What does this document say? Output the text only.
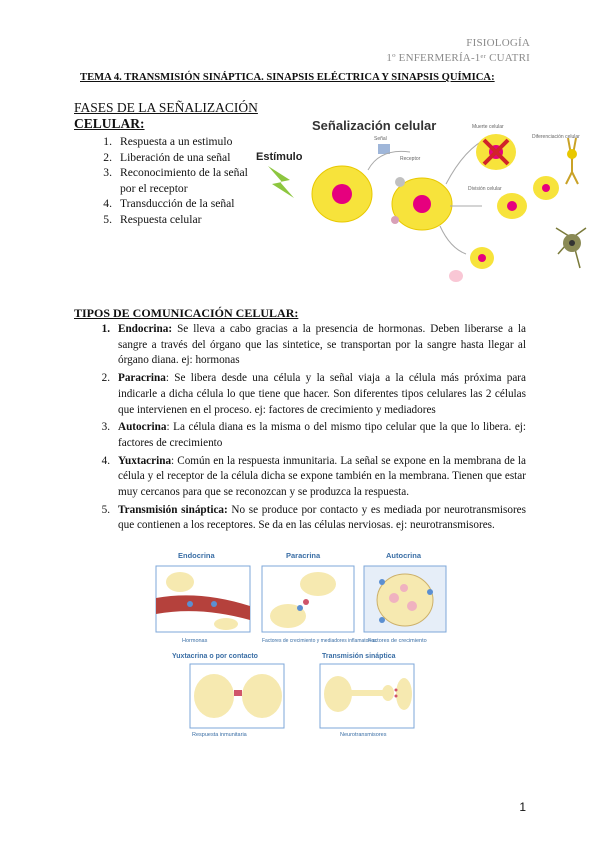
FISIOLOGÍA
1º ENFERMERÍA-1ᵉʳ CUATRI
TEMA 4. TRANSMISIÓN SINÁPTICA. SINAPSIS ELÉCTRICA Y SINAPSIS QUÍMICA:
FASES DE LA SEÑALIZACIÓN
CELULAR:
1. Respuesta a un estimulo
2. Liberación de una señal
3. Reconocimiento de la señal por el receptor
4. Transducción de la señal
5. Respuesta celular
Señalización celular
Estímulo
Señal
Receptor
Muerte celular
División celular
Diferenciación celular
TIPOS DE COMUNICACIÓN CELULAR:
1. Endocrina: Se lleva a cabo gracias a la presencia de hormonas. Deben liberarse a la sangre a través del órgano que las sintetice, se transportan por la sangre hasta llegar al órgano diana. ej: hormonas
2. Paracrina: Se libera desde una célula y la señal viaja a la célula más próxima para indicarle a dicha célula lo que tiene que hacer. Son diferentes tipos celulares las 2 células que intervienen en el proceso. ej: factores de crecimiento y mediadores
3. Autocrina: La célula diana es la misma o del mismo tipo celular que la que lo libera. ej: factores de crecimiento
4. Yuxtacrina: Común en la respuesta inmunitaria. La señal se expone en la membrana de la célula y el receptor de la célula dicha se expone también en la membrana. Tienen que estar muy cercanos para que se reconozcan y se produzca la respuesta.
5. Transmisión sináptica: No se produce por contacto y es mediada por neurotransmisores que contienen a los receptores. Se da en las células nerviosas. ej: neurotransmisores.
Endocrina
Hormonas
Paracrina
Factores de crecimiento y mediadores inflamatorios
Autocrina
Factores de crecimiento
Yuxtacrina o por contacto
Respuesta inmunitaria
Transmisión sináptica
Neurotransmisores
1
